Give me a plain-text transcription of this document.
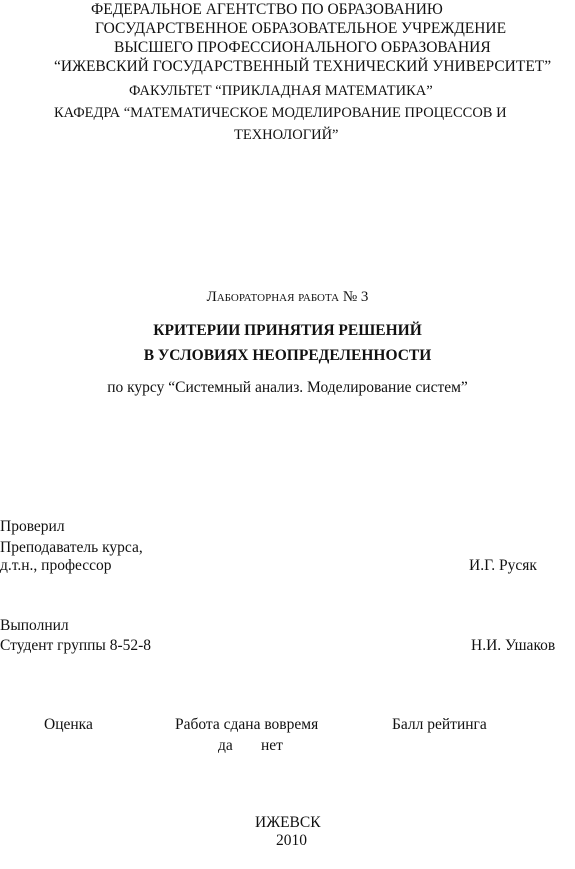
ФЕДЕРАЛЬНОЕ АГЕНТСТВО ПО ОБРАЗОВАНИЮ
ГОСУДАРСТВЕННОЕ ОБРАЗОВАТЕЛЬНОЕ УЧРЕЖДЕНИЕ
ВЫСШЕГО ПРОФЕССИОНАЛЬНОГО ОБРАЗОВАНИЯ
“ИЖЕВСКИЙ ГОСУДАРСТВЕННЫЙ ТЕХНИЧЕСКИЙ УНИВЕРСИТЕТ”
ФАКУЛЬТЕТ “ПРИКЛАДНАЯ МАТЕМАТИКА”
КАФЕДРА “МАТЕМАТИЧЕСКОЕ МОДЕЛИРОВАНИЕ ПРОЦЕССОВ И
ТЕХНОЛОГИЙ”
Лабораторная работа № 3
КРИТЕРИИ ПРИНЯТИЯ РЕШЕНИЙ
В УСЛОВИЯХ НЕОПРЕДЕЛЕННОСТИ
по курсу “Системный анализ. Моделирование систем”
Проверил
Преподаватель курса,
д.т.н., профессор	И.Г. Русяк
Выполнил
Студент группы 8-52-8	Н.И. Ушаков
Оценка	Работа сдана вовремя	Балл рейтинга
да нет
ИЖЕВСК
2010
